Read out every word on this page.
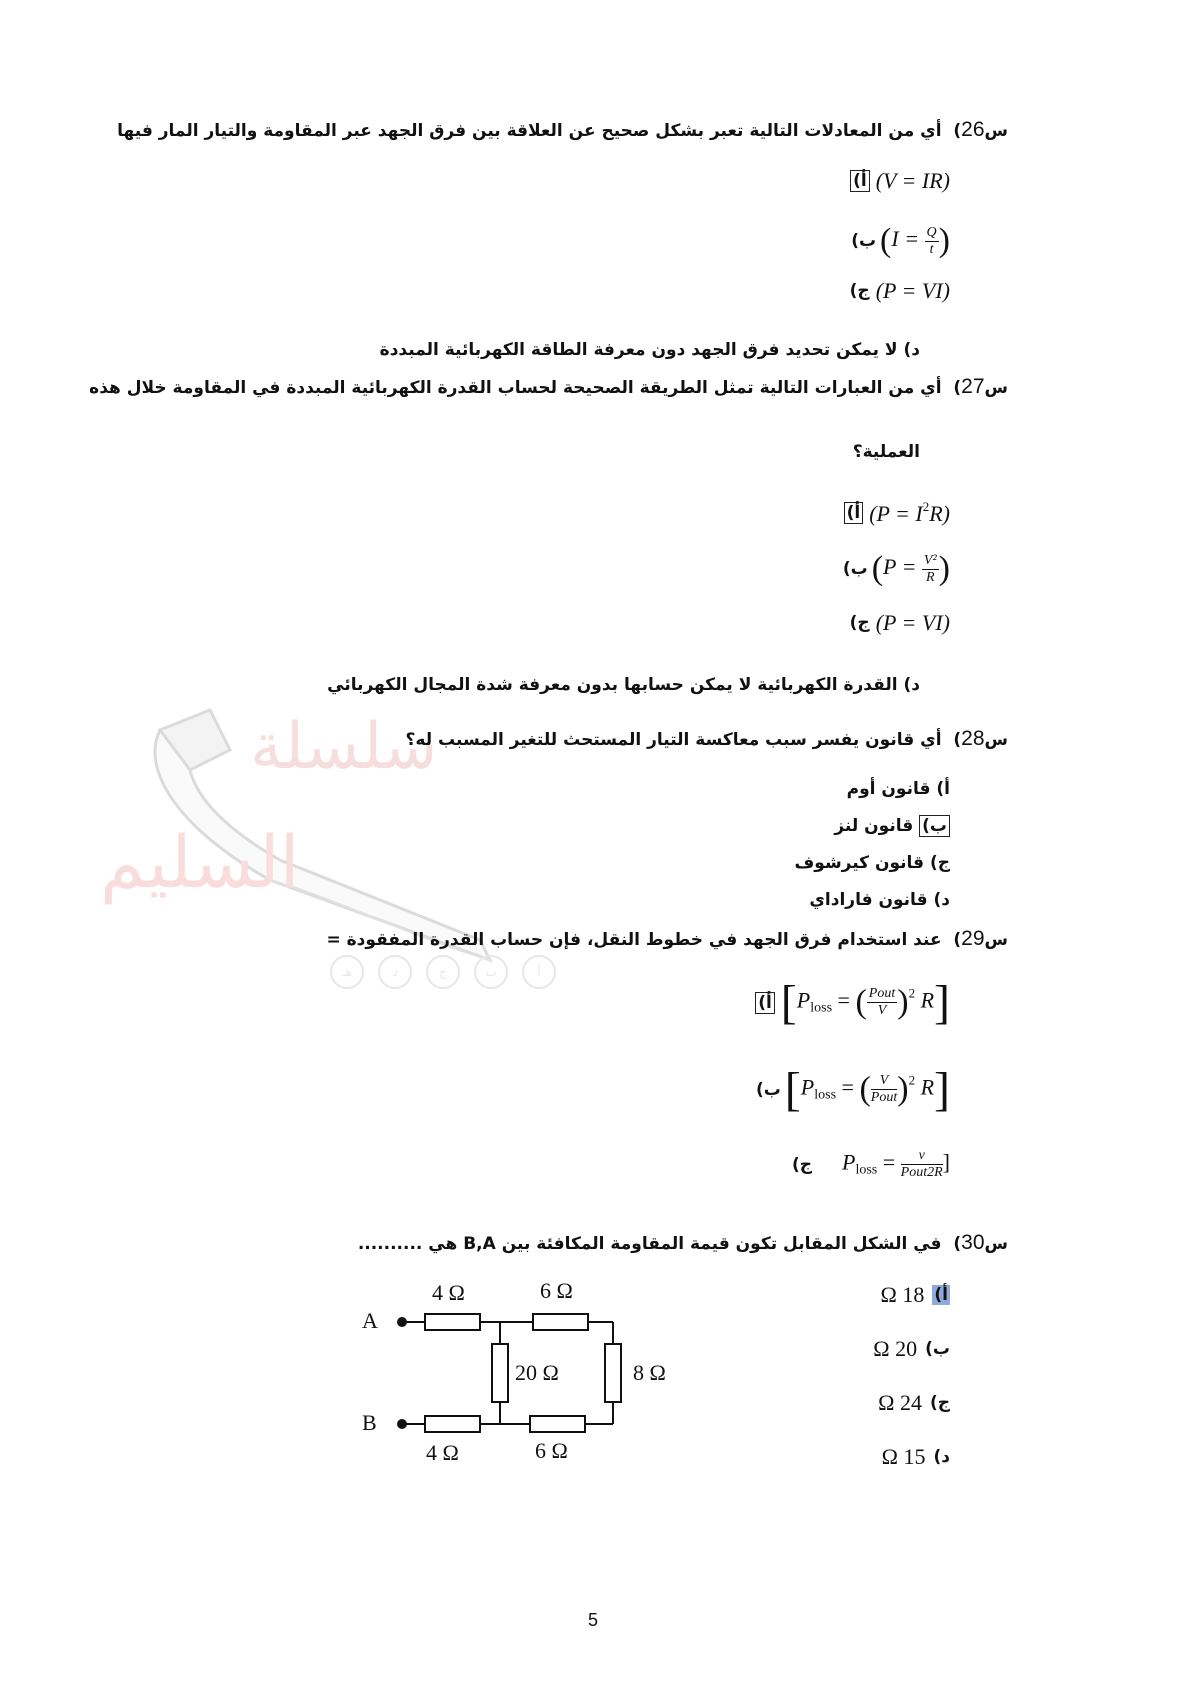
سلسلة
السليم
أ
ب
ج
د
هـ
س26)  أي من المعادلات التالية تعبر بشكل صحيح عن العلاقة بين فرق الجهد عبر المقاومة والتيار المار فيها
أ) (V = IR)
ب) ($I = \frac{Q}{t}$ )
ج) (P = VI)
د) لا يمكن تحديد فرق الجهد دون معرفة الطاقة الكهربائية المبددة
س27)  أي من العبارات التالية تمثل الطريقة الصحيحة لحساب القدرة الكهربائية المبددة في المقاومة خلال هذه
العملية؟
أ) $(P = I^2R)$
ب) ($P = \frac{\text{V²}}{R}$ )
ج) (P = VI)
د) القدرة الكهربائية لا يمكن حسابها بدون معرفة شدة المجال الكهربائي
س28)  أي قانون يفسر سبب معاكسة التيار المستحث للتغير المسبب له؟
أ) قانون أوم
ب) قانون لنز
ج) قانون كيرشوف
د) قانون فاراداي
س29)  عند استخدام فرق الجهد في خطوط النقل، فإن حساب القدرة المفقودة =
أ) [$P_{loss}$ = ( $\frac{\text{Pout}}{V} )^2$ R]
ب) [$P_{loss}$ = ( $\frac{V}{\text{Pout}} )^2$ R]
ج) $P_{loss} = \frac{v}{\text{Pout2R}}$ ]
س30)  في الشكل المقابل تكون قيمة المقاومة المكافئة بين B,A هي ..........
أ)
18 Ω
ب)
20 Ω
ج)
24 Ω
د)
15 Ω
A
B
4 Ω	6 Ω
20 Ω	8 Ω
4 Ω	6 Ω
5
